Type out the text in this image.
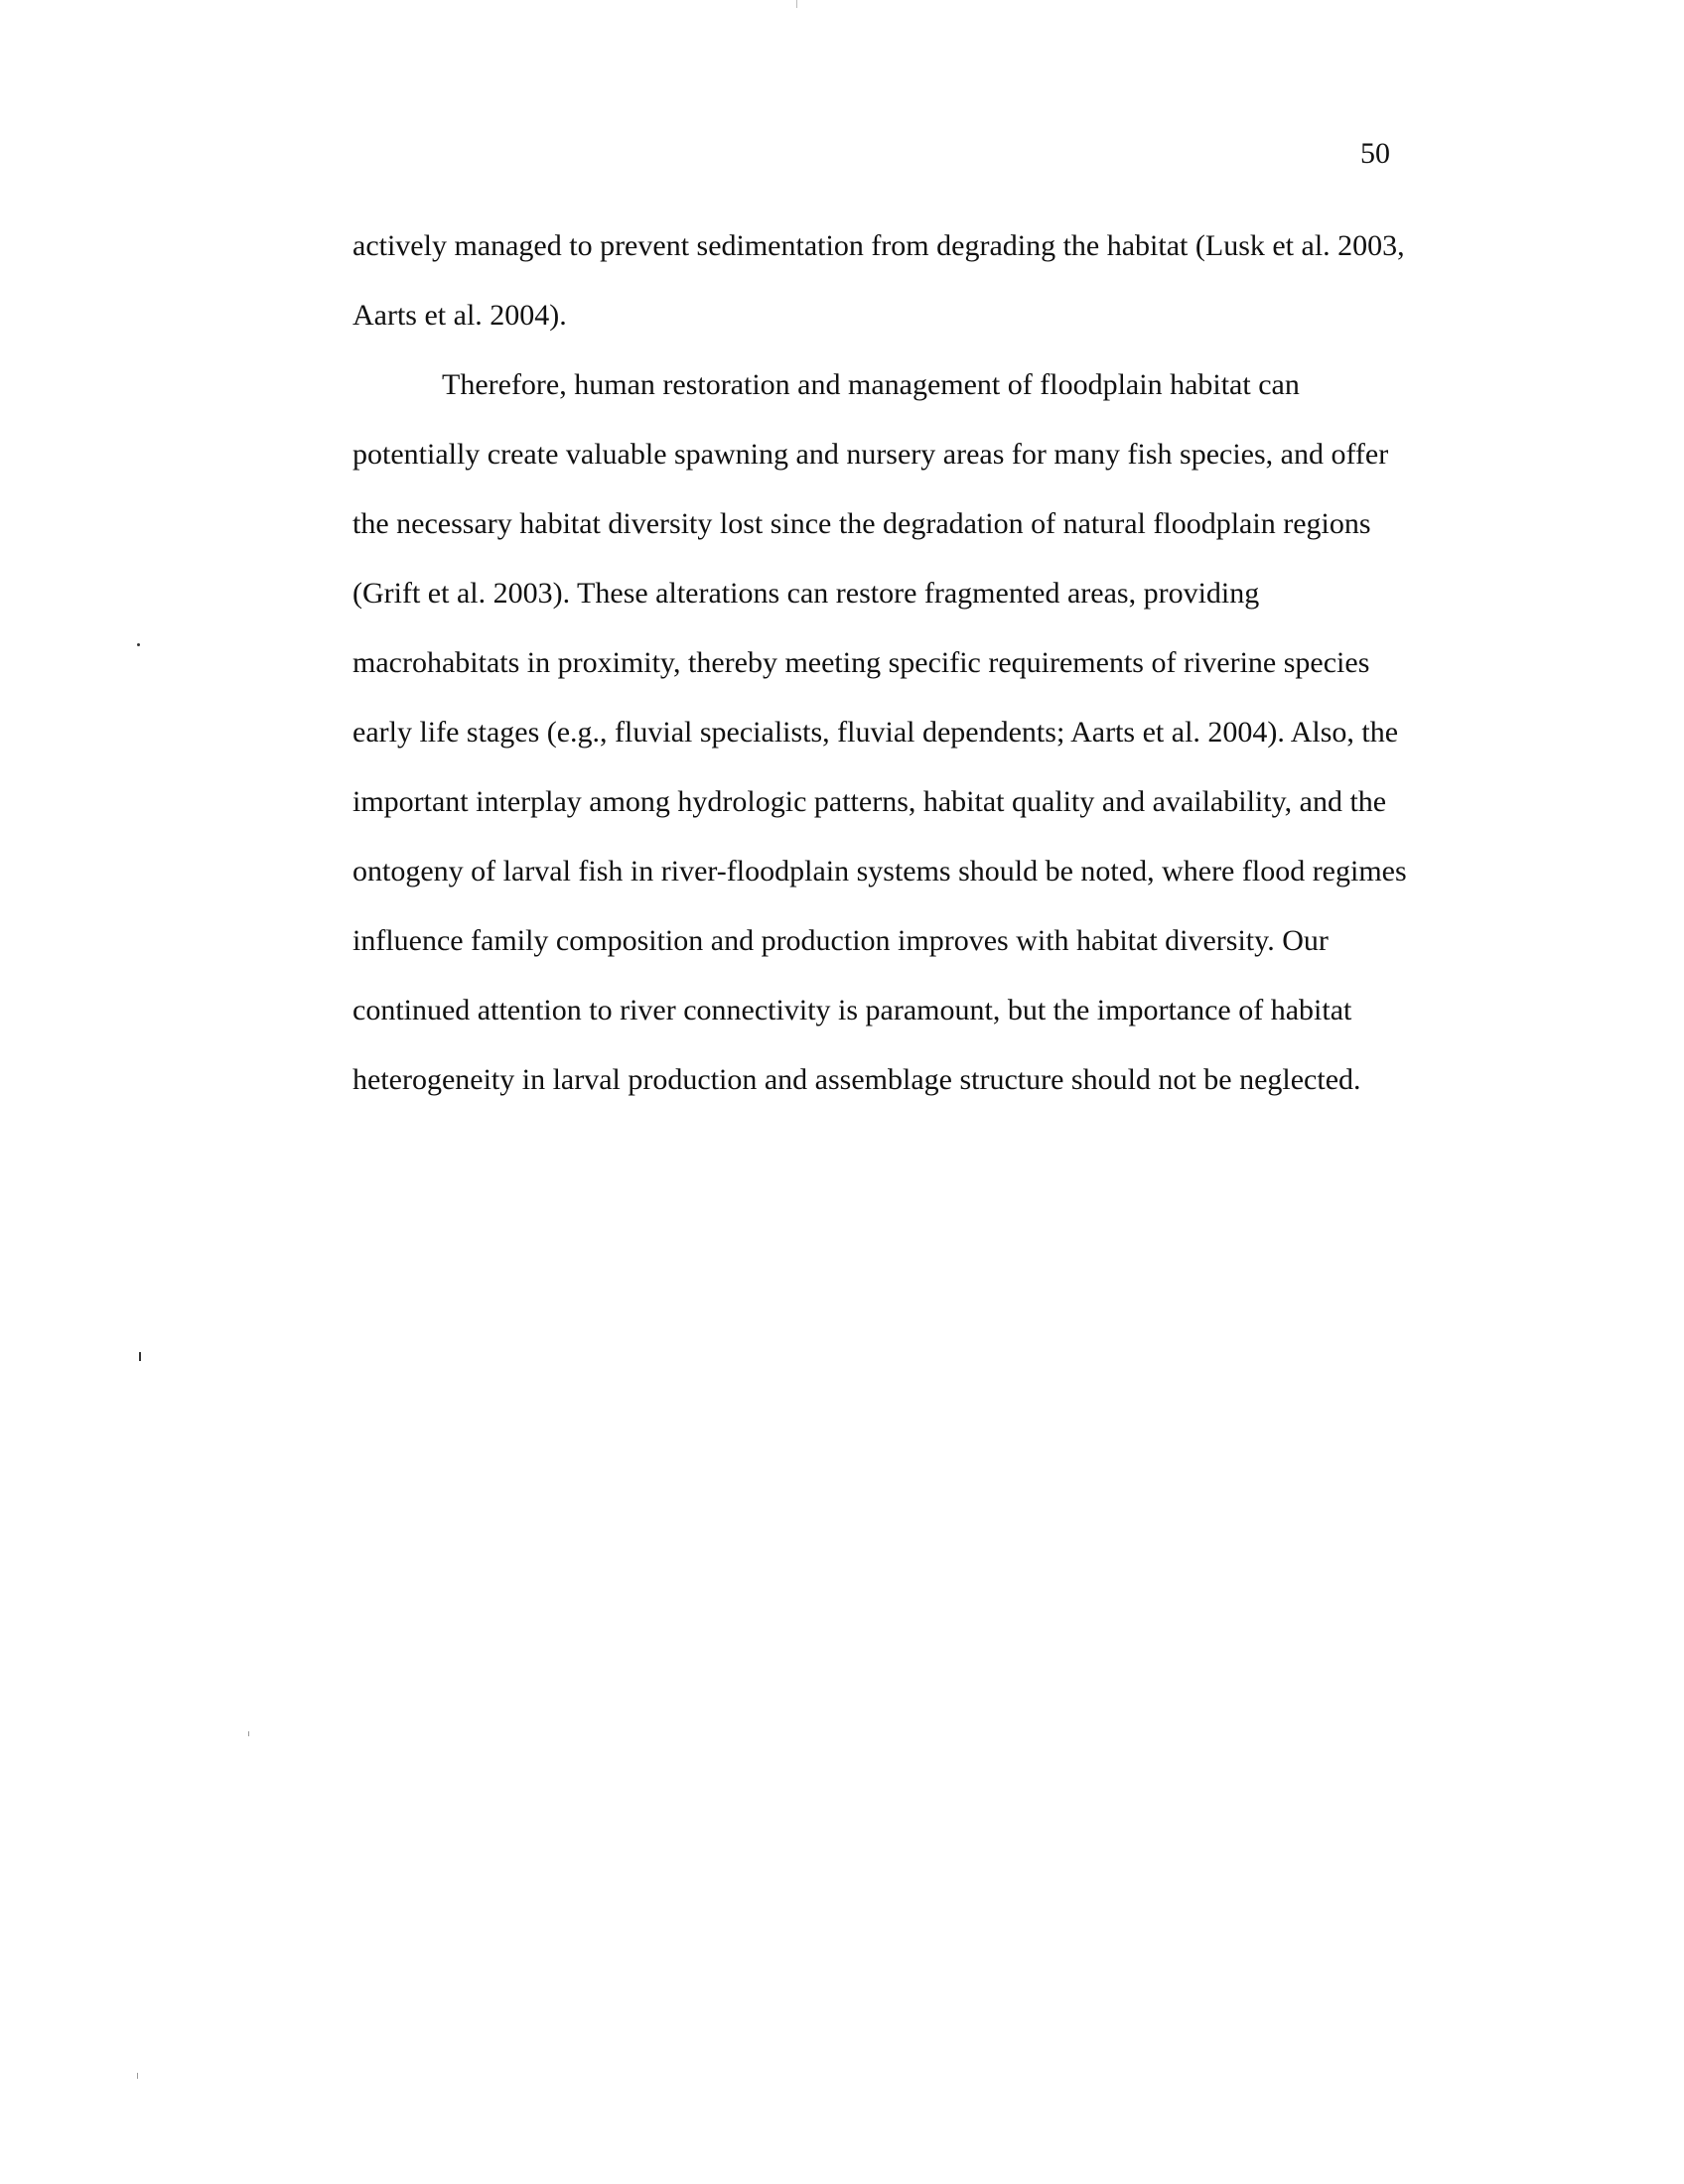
50
actively managed to prevent sedimentation from degrading the habitat (Lusk et al. 2003,
Aarts et al. 2004).
Therefore, human restoration and management of floodplain habitat can
potentially create valuable spawning and nursery areas for many fish species, and offer
the necessary habitat diversity lost since the degradation of natural floodplain regions
(Grift et al. 2003). These alterations can restore fragmented areas, providing
macrohabitats in proximity, thereby meeting specific requirements of riverine species
early life stages (e.g., fluvial specialists, fluvial dependents; Aarts et al. 2004). Also, the
important interplay among hydrologic patterns, habitat quality and availability, and the
ontogeny of larval fish in river-floodplain systems should be noted, where flood regimes
influence family composition and production improves with habitat diversity. Our
continued attention to river connectivity is paramount, but the importance of habitat
heterogeneity in larval production and assemblage structure should not be neglected.
